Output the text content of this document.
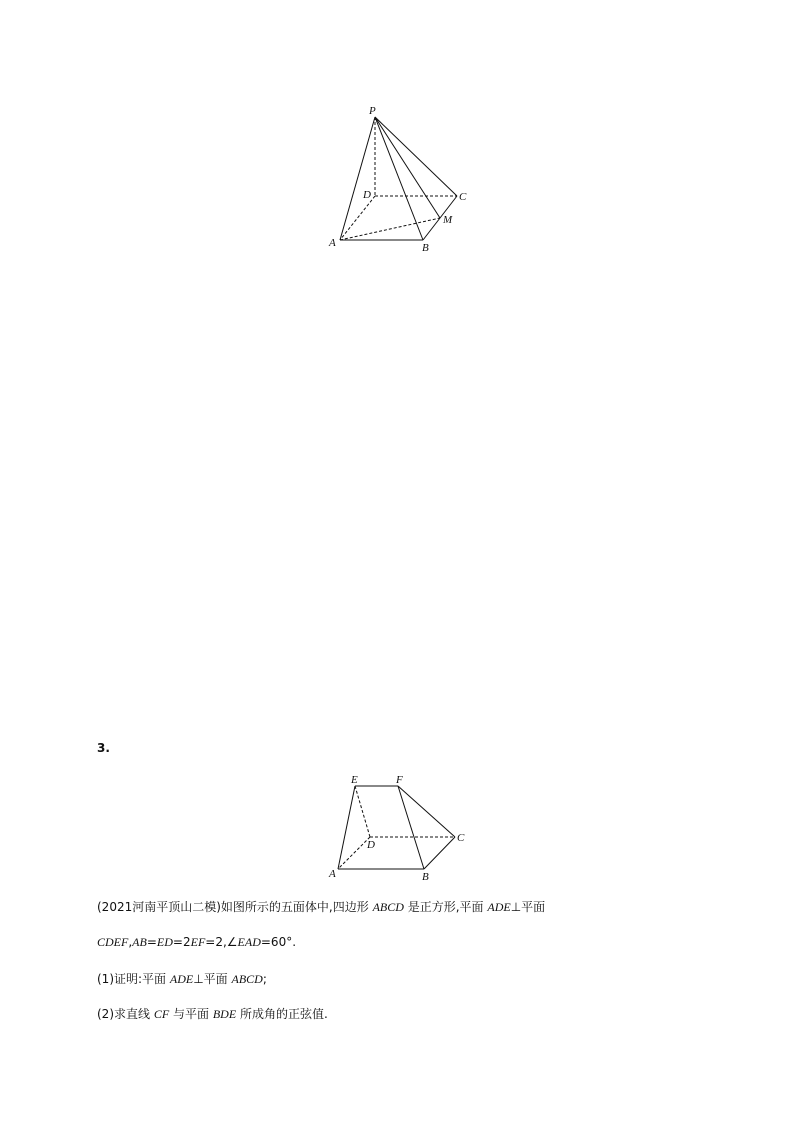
P
D	C
M
A	B
3.
E	F
D
C
A	B
(2021河南平顶山二模)如图所示的五面体中,四边形 ABCD 是正方形,平面 ADE⊥平面
CDEF,AB=ED=2EF=2,∠EAD=60°.
(1)证明:平面 ADE⊥平面 ABCD;
(2)求直线 CF 与平面 BDE 所成角的正弦值.
